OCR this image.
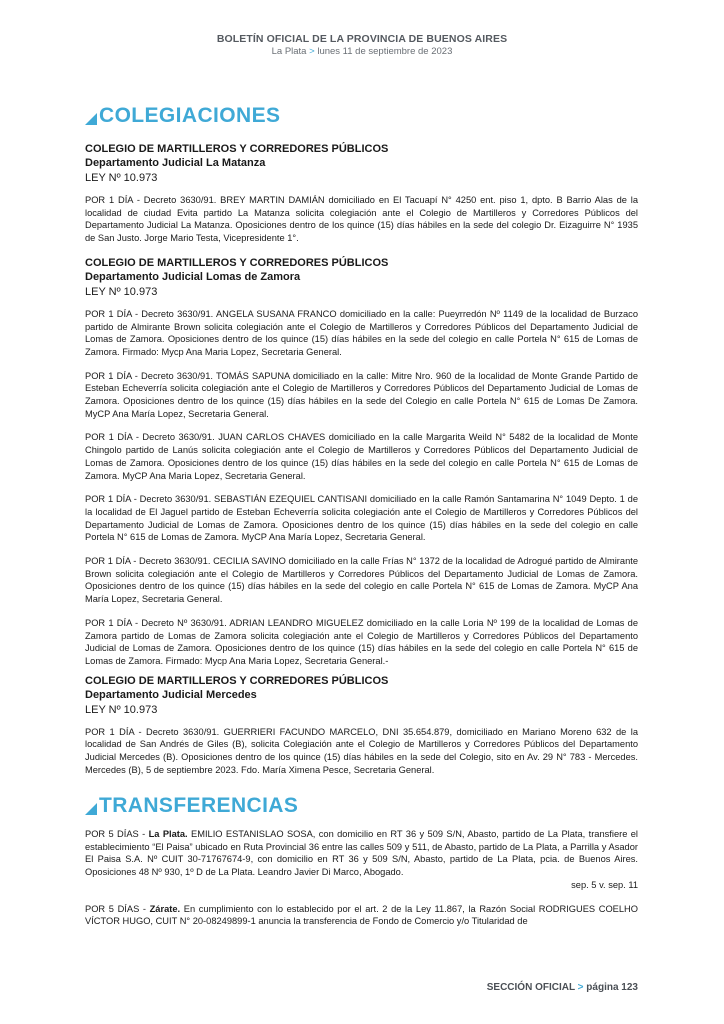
BOLETÍN OFICIAL DE LA PROVINCIA DE BUENOS AIRES
La Plata > lunes 11 de septiembre de 2023
COLEGIACIONES
COLEGIO DE MARTILLEROS Y CORREDORES PÚBLICOS
Departamento Judicial La Matanza
LEY Nº 10.973

POR 1 DÍA - Decreto 3630/91. BREY MARTIN DAMIÁN domiciliado en El Tacuapí N° 4250 ent. piso 1, dpto. B Barrio Alas de la localidad de ciudad Evita partido La Matanza solicita colegiación ante el Colegio de Martilleros y Corredores Públicos del Departamento Judicial La Matanza. Oposiciones dentro de los quince (15) días hábiles en la sede del colegio Dr. Eizaguirre N° 1935 de San Justo. Jorge Mario Testa, Vicepresidente 1°.

COLEGIO DE MARTILLEROS Y CORREDORES PÚBLICOS
Departamento Judicial Lomas de Zamora
LEY Nº 10.973

POR 1 DÍA - Decreto 3630/91. ANGELA SUSANA FRANCO domiciliado en la calle: Pueyrredón Nº 1149 de la localidad de Burzaco partido de Almirante Brown solicita colegiación ante el Colegio de Martilleros y Corredores Públicos del Departamento Judicial de Lomas de Zamora. Oposiciones dentro de los quince (15) días hábiles en la sede del colegio en calle Portela N° 615 de Lomas de Zamora. Firmado: Mycp Ana Maria Lopez, Secretaria General.

POR 1 DÍA - Decreto 3630/91. TOMÁS SAPUNA domiciliado en la calle: Mitre Nro. 960 de la localidad de Monte Grande Partido de Esteban Echeverría solicita colegiación ante el Colegio de Martilleros y Corredores Públicos del Departamento Judicial de Lomas de Zamora. Oposiciones dentro de los quince (15) días hábiles en la sede del Colegio en calle Portela N° 615 de Lomas De Zamora. MyCP Ana María Lopez, Secretaria General.

POR 1 DÍA - Decreto 3630/91. JUAN CARLOS CHAVES domiciliado en la calle Margarita Weild N° 5482 de la localidad de Monte Chingolo partido de Lanús solicita colegiación ante el Colegio de Martilleros y Corredores Públicos del Departamento Judicial de Lomas de Zamora. Oposiciones dentro de los quince (15) días hábiles en la sede del colegio en calle Portela N° 615 de Lomas de Zamora. MyCP Ana Maria Lopez, Secretaria General.

POR 1 DÍA - Decreto 3630/91. SEBASTIÁN EZEQUIEL CANTISANI domiciliado en la calle Ramón Santamarina N° 1049 Depto. 1 de la localidad de El Jaguel partido de Esteban Echeverría solicita colegiación ante el Colegio de Martilleros y Corredores Públicos del Departamento Judicial de Lomas de Zamora. Oposiciones dentro de los quince (15) días hábiles en la sede del colegio en calle Portela N° 615 de Lomas de Zamora. MyCP Ana María Lopez, Secretaria General.

POR 1 DÍA - Decreto 3630/91. CECILIA SAVINO domiciliado en la calle Frías N° 1372 de la localidad de Adrogué partido de Almirante Brown solicita colegiación ante el Colegio de Martilleros y Corredores Públicos del Departamento Judicial de Lomas de Zamora. Oposiciones dentro de los quince (15) días hábiles en la sede del colegio en calle Portela N° 615 de Lomas de Zamora. MyCP Ana María Lopez, Secretaria General.

POR 1 DÍA - Decreto Nº 3630/91. ADRIAN LEANDRO MIGUELEZ domiciliado en la calle Loria Nº 199 de la localidad de Lomas de Zamora partido de Lomas de Zamora solicita colegiación ante el Colegio de Martilleros y Corredores Públicos del Departamento Judicial de Lomas de Zamora. Oposiciones dentro de los quince (15) días hábiles en la sede del colegio en calle Portela N° 615 de Lomas de Zamora. Firmado: Mycp Ana Maria Lopez, Secretaria General.-

COLEGIO DE MARTILLEROS Y CORREDORES PÚBLICOS
Departamento Judicial Mercedes
LEY Nº 10.973

POR 1 DÍA - Decreto 3630/91. GUERRIERI FACUNDO MARCELO, DNI 35.654.879, domiciliado en Mariano Moreno 632 de la localidad de San Andrés de Giles (B), solicita Colegiación ante el Colegio de Martilleros y Corredores Públicos del Departamento Judicial Mercedes (B). Oposiciones dentro de los quince (15) días hábiles en la sede del Colegio, sito en Av. 29 N° 783 - Mercedes. Mercedes (B), 5 de septiembre 2023. Fdo. María Ximena Pesce, Secretaria General.

TRANSFERENCIAS

POR 5 DÍAS - La Plata. EMILIO ESTANISLAO SOSA, con domicilio en RT 36 y 509 S/N, Abasto, partido de La Plata, transfiere el establecimiento “El Paisa” ubicado en Ruta Provincial 36 entre las calles 509 y 511, de Abasto, partido de La Plata, a Parrilla y Asador El Paisa S.A. Nº CUIT 30-71767674-9, con domicilio en RT 36 y 509 S/N, Abasto, partido de La Plata, pcia. de Buenos Aires. Oposiciones 48 Nº 930, 1º D de La Plata. Leandro Javier Di Marco, Abogado.

sep. 5 v. sep. 11

POR 5 DÍAS - Zárate. En cumplimiento con lo establecido por el art. 2 de la Ley 11.867, la Razón Social RODRIGUES COELHO VÍCTOR HUGO, CUIT N° 20-08249899-1 anuncia la transferencia de Fondo de Comercio y/o Titularidad de

SECCIÓN OFICIAL > página 123
